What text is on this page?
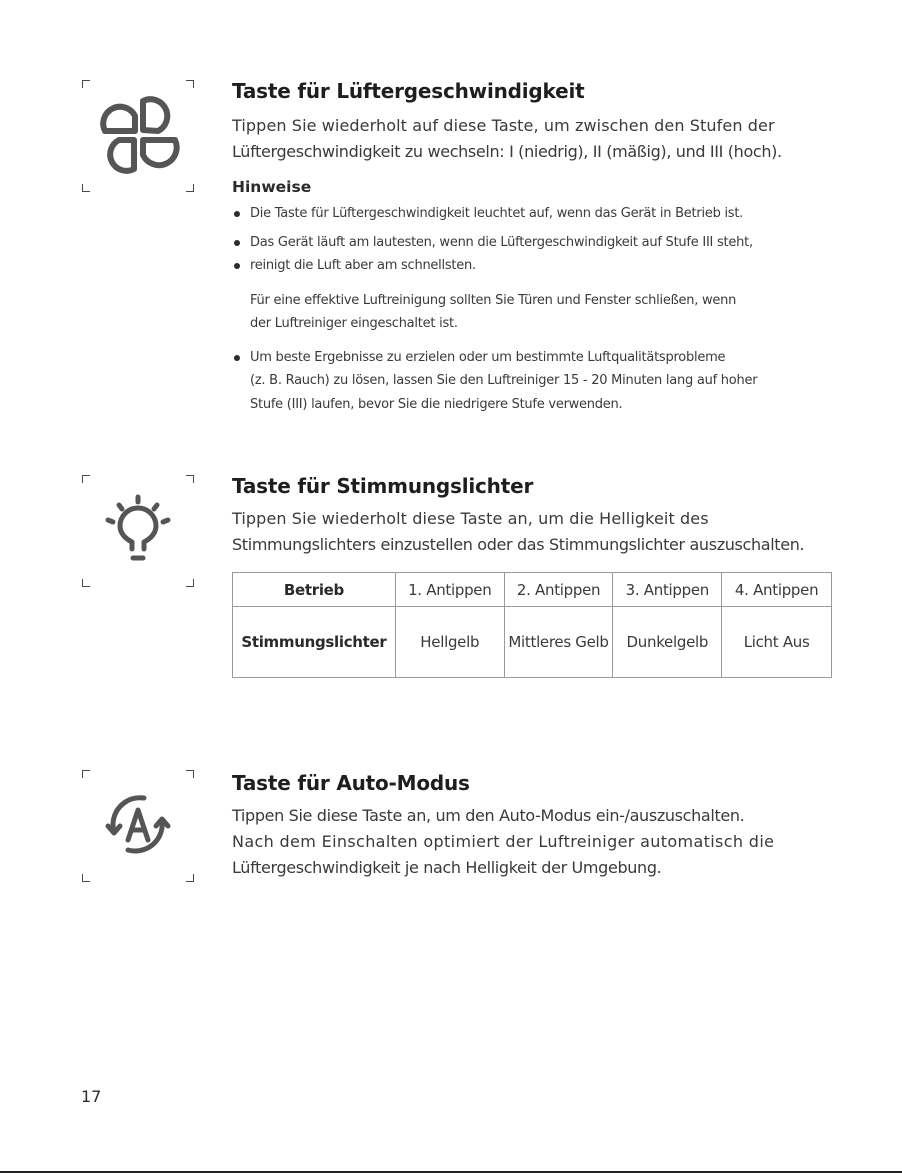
Taste für Lüftergeschwindigkeit

Tippen Sie wiederholt auf diese Taste, um zwischen den Stufen der

Lüftergeschwindigkeit zu wechseln: I (niedrig), II (mäßig), und III (hoch).

Hinweise

Die Taste für Lüftergeschwindigkeit leuchtet auf, wenn das Gerät in Betrieb ist.

Das Gerät läuft am lautesten, wenn die Lüftergeschwindigkeit auf Stufe III steht,

reinigt die Luft aber am schnellsten.

Für eine effektive Luftreinigung sollten Sie Türen und Fenster schließen, wenn

der Luftreiniger eingeschaltet ist.

Um beste Ergebnisse zu erzielen oder um bestimmte Luftqualitätsprobleme

(z. B. Rauch) zu lösen, lassen Sie den Luftreiniger 15 - 20 Minuten lang auf hoher

Stufe (III) laufen, bevor Sie die niedrigere Stufe verwenden.

Taste für Stimmungslichter

Tippen Sie wiederholt diese Taste an, um die Helligkeit des

Stimmungslichters einzustellen oder das Stimmungslichter auszuschalten.

Betrieb	1. Antippen	2. Antippen	3. Antippen	4. Antippen
Stimmungslichter	Hellgelb	Mittleres Gelb	Dunkelgelb	Licht Aus
Taste für Auto-Modus

Tippen Sie diese Taste an, um den Auto-Modus ein-/auszuschalten.

Nach dem Einschalten optimiert der Luftreiniger automatisch die

Lüftergeschwindigkeit je nach Helligkeit der Umgebung.

17
